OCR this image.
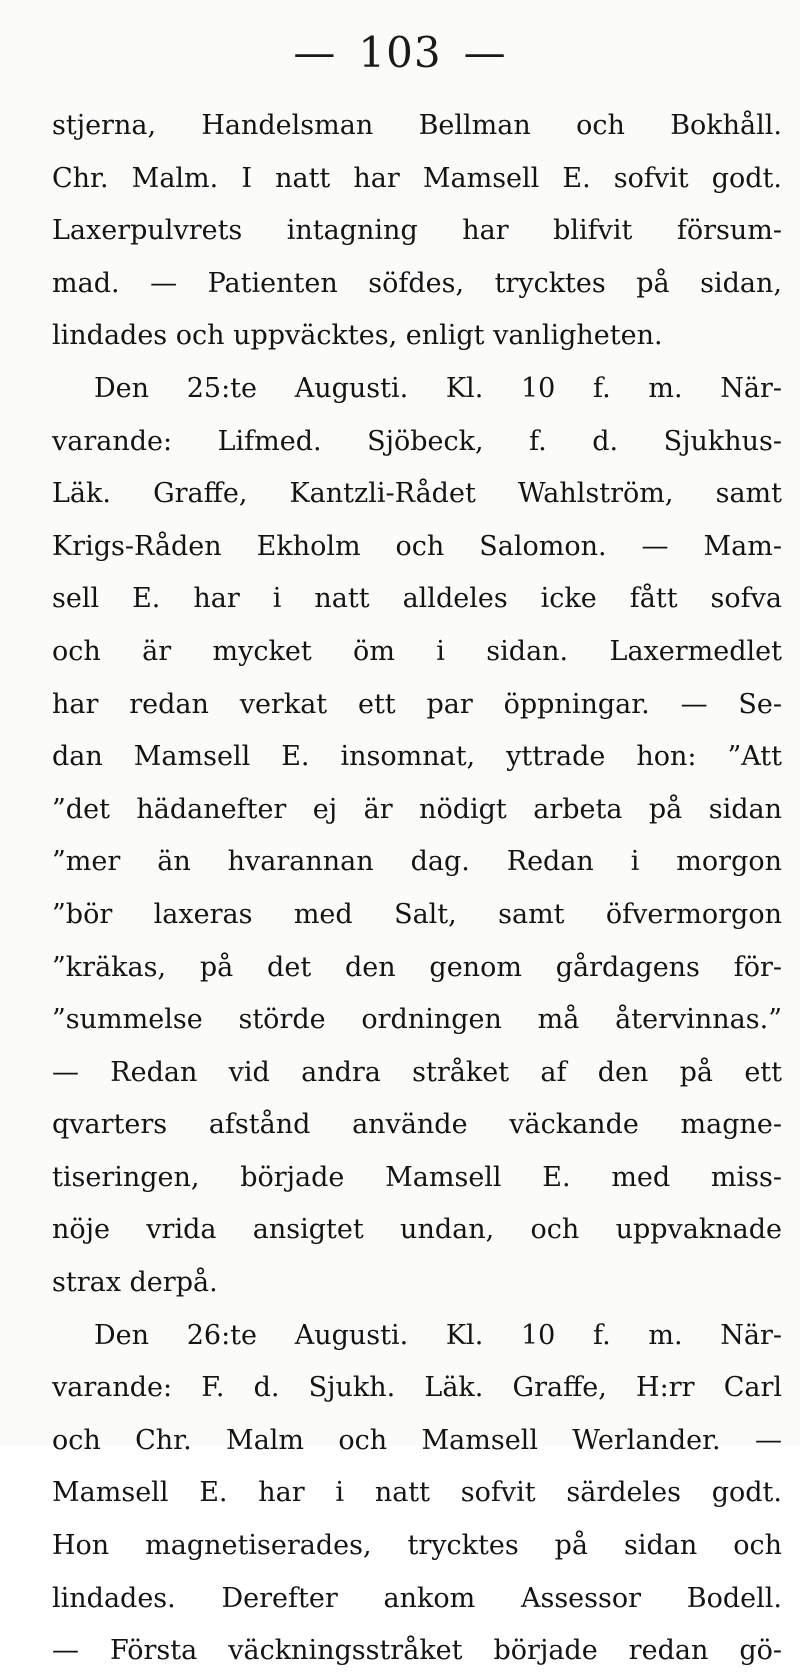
— 103 —
stjerna, Handelsman Bellman och Bokhåll.
Chr. Malm. I natt har Mamsell E. sofvit godt.
Laxerpulvrets intagning har blifvit försum-
mad. — Patienten söfdes, trycktes på sidan,
lindades och uppväcktes, enligt vanligheten.
Den 25:te Augusti. Kl. 10 f. m. När-
varande: Lifmed. Sjöbeck, f. d. Sjukhus-
Läk. Graffe, Kantzli-Rådet Wahlström, samt
Krigs-Råden Ekholm och Salomon. — Mam-
sell E. har i natt alldeles icke fått sofva
och är mycket öm i sidan. Laxermedlet
har redan verkat ett par öppningar. — Se-
dan Mamsell E. insomnat, yttrade hon: ”Att
”det hädanefter ej är nödigt arbeta på sidan
”mer än hvarannan dag. Redan i morgon
”bör laxeras med Salt, samt öfvermorgon
”kräkas, på det den genom gårdagens för-
”summelse störde ordningen må återvinnas.”
— Redan vid andra stråket af den på ett
qvarters afstånd använde väckande magne-
tiseringen, började Mamsell E. med miss-
nöje vrida ansigtet undan, och uppvaknade
strax derpå.
Den 26:te Augusti. Kl. 10 f. m. När-
varande: F. d. Sjukh. Läk. Graffe, H:rr Carl
och Chr. Malm och Mamsell Werlander. —
Mamsell E. har i natt sofvit särdeles godt.
Hon magnetiserades, trycktes på sidan och
lindades. Derefter ankom Assessor Bodell.
— Första väckningsstråket började redan gö-
